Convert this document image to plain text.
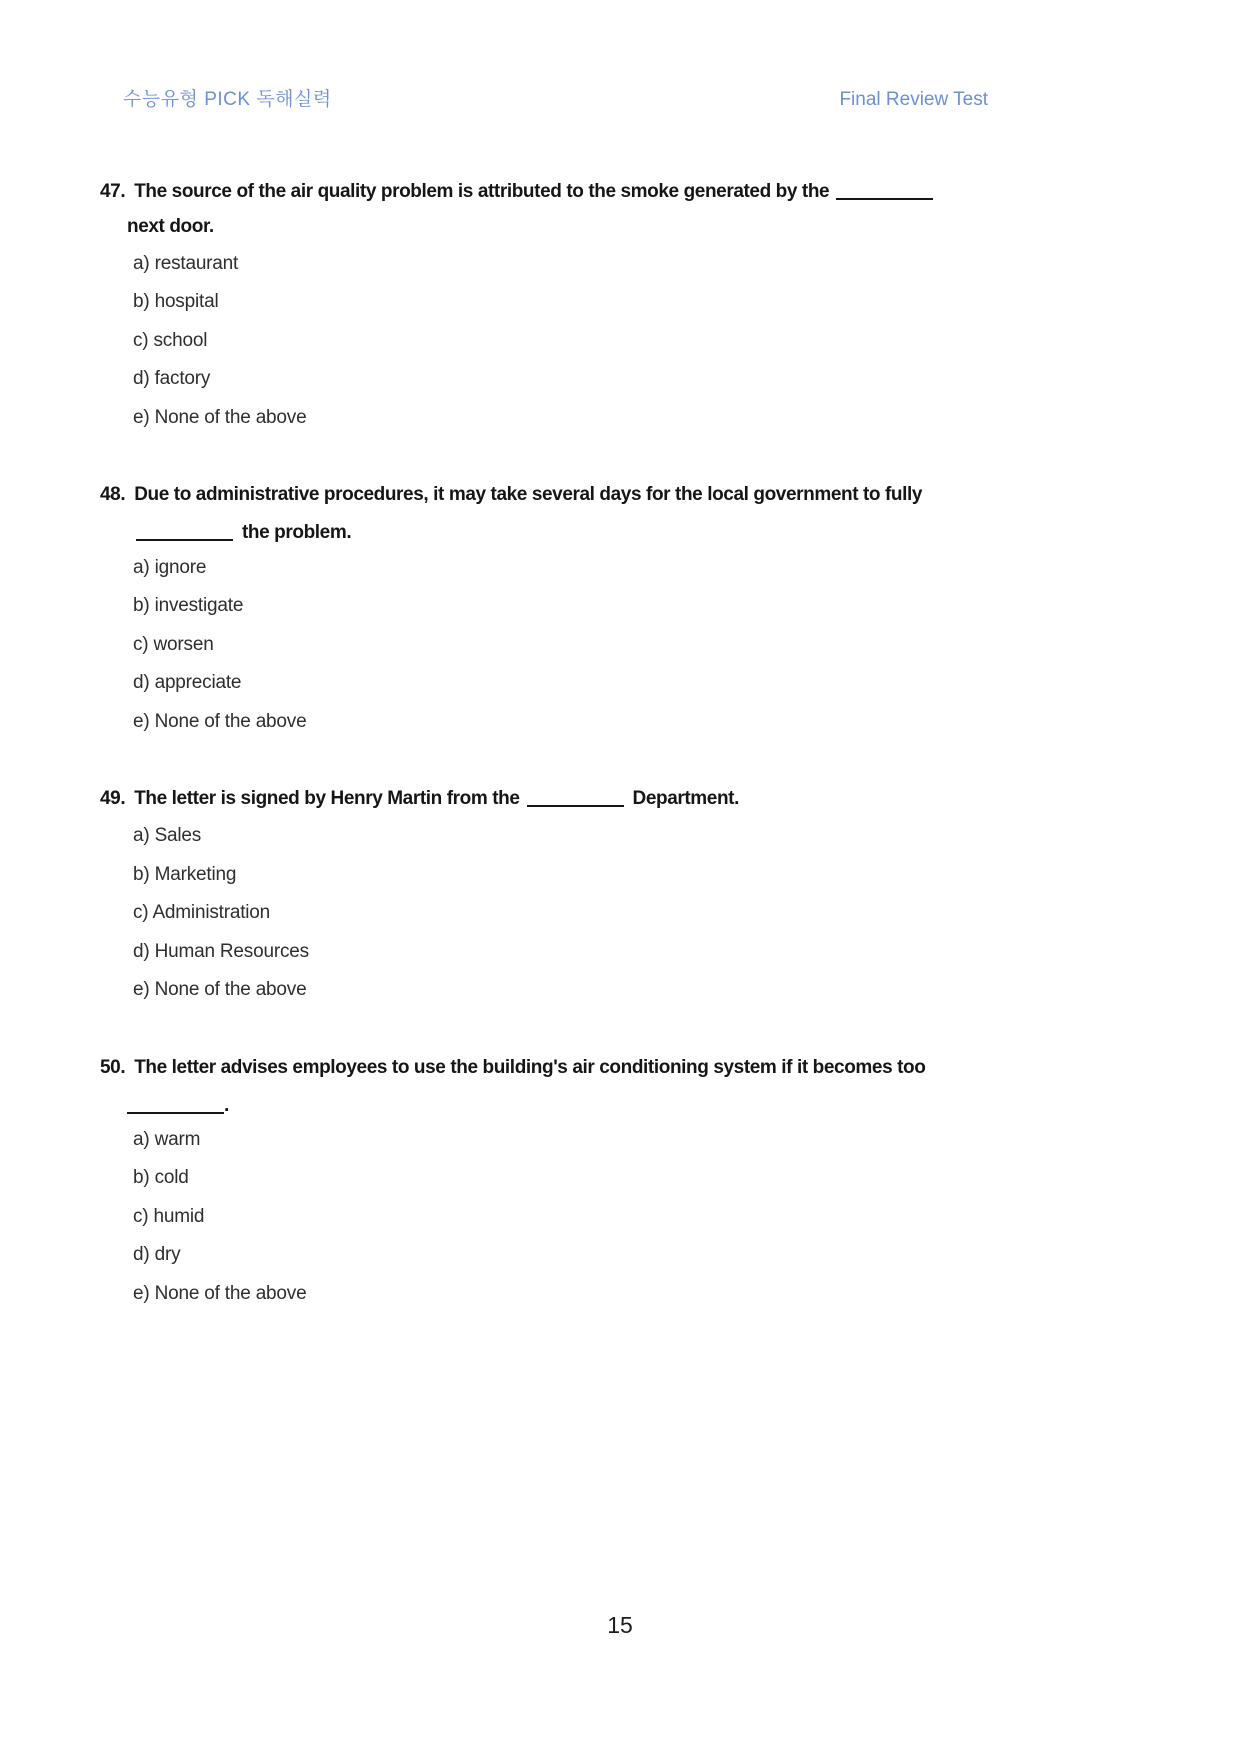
수능유형 PICK 독해실력	Final Review Test
47. The source of the air quality problem is attributed to the smoke generated by the
next door.
a) restaurant
b) hospital
c) school
d) factory
e) None of the above
48. Due to administrative procedures, it may take several days for the local government to fully
the problem.
a) ignore
b) investigate
c) worsen
d) appreciate
e) None of the above
49. The letter is signed by Henry Martin from the	Department.
a) Sales
b) Marketing
c) Administration
d) Human Resources
e) None of the above
50. The letter advises employees to use the building's air conditioning system if it becomes too
.
a) warm
b) cold
c) humid
d) dry
e) None of the above
15
